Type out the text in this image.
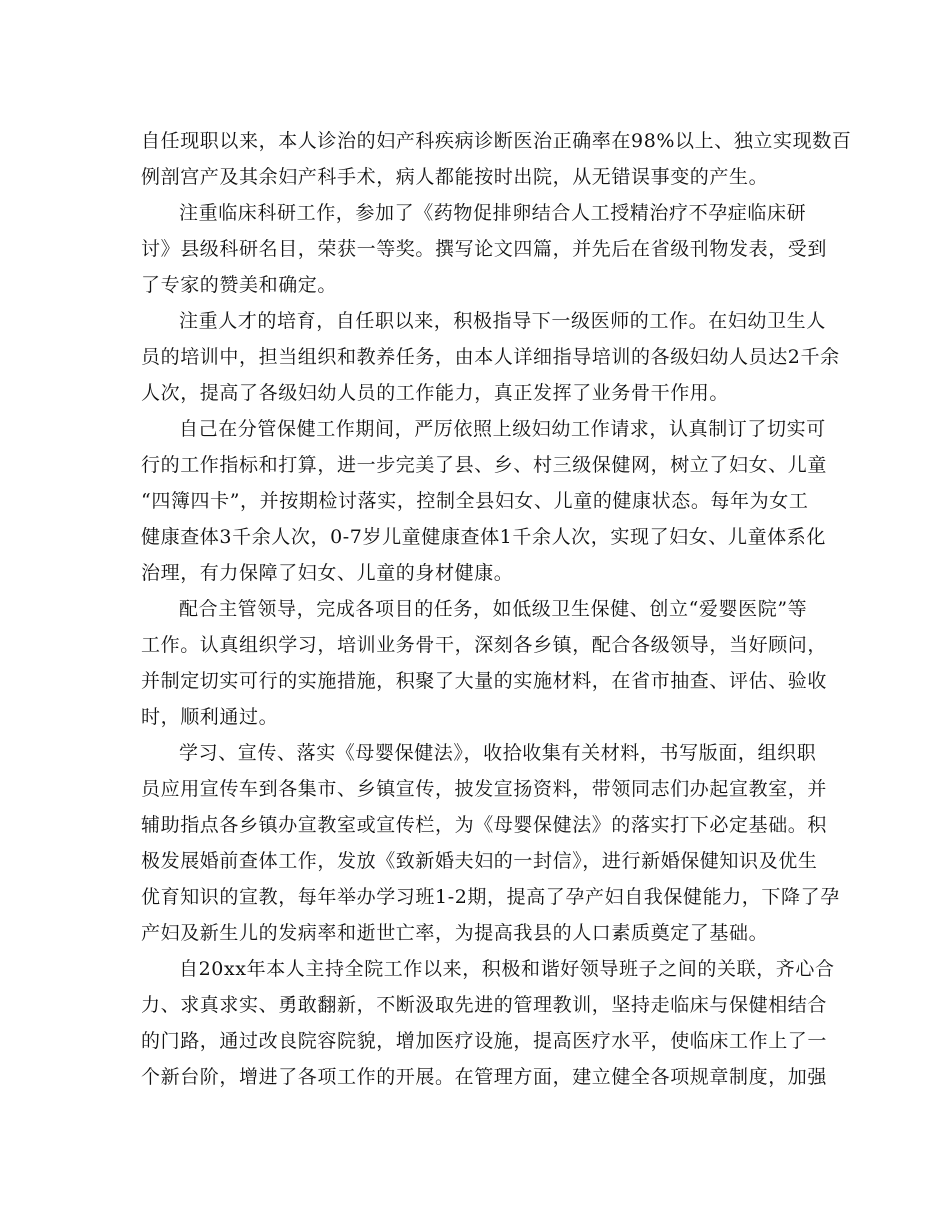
自任现职以来，本人诊治的妇产科疾病诊断医治正确率在98%以上、独立实现数百
例剖宫产及其余妇产科手术，病人都能按时出院，从无错误事变的产生。
注重临床科研工作，参加了《药物促排卵结合人工授精治疗不孕症临床研
讨》县级科研名目，荣获一等奖。撰写论文四篇，并先后在省级刊物发表，受到
了专家的赞美和确定。
注重人才的培育，自任职以来，积极指导下一级医师的工作。在妇幼卫生人
员的培训中，担当组织和教养任务，由本人详细指导培训的各级妇幼人员达2千余
人次，提高了各级妇幼人员的工作能力，真正发挥了业务骨干作用。
自己在分管保健工作期间，严厉依照上级妇幼工作请求，认真制订了切实可
行的工作指标和打算，进一步完美了县、乡、村三级保健网，树立了妇女、儿童
“四簿四卡”，并按期检讨落实，控制全县妇女、儿童的健康状态。每年为女工
健康查体3千余人次，0-7岁儿童健康查体1千余人次，实现了妇女、儿童体系化
治理，有力保障了妇女、儿童的身材健康。
配合主管领导，完成各项目的任务，如低级卫生保健、创立“爱婴医院”等
工作。认真组织学习，培训业务骨干，深刻各乡镇，配合各级领导，当好顾问，
并制定切实可行的实施措施，积聚了大量的实施材料，在省市抽查、评估、验收
时，顺利通过。
学习、宣传、落实《母婴保健法》，收拾收集有关材料，书写版面，组织职
员应用宣传车到各集市、乡镇宣传，披发宣扬资料，带领同志们办起宣教室，并
辅助指点各乡镇办宣教室或宣传栏，为《母婴保健法》的落实打下必定基础。积
极发展婚前查体工作，发放《致新婚夫妇的一封信》，进行新婚保健知识及优生
优育知识的宣教，每年举办学习班1-2期，提高了孕产妇自我保健能力，下降了孕
产妇及新生儿的发病率和逝世亡率，为提高我县的人口素质奠定了基础。
自20xx年本人主持全院工作以来，积极和谐好领导班子之间的关联，齐心合
力、求真求实、勇敢翻新，不断汲取先进的管理教训，坚持走临床与保健相结合
的门路，通过改良院容院貌，增加医疗设施，提高医疗水平，使临床工作上了一
个新台阶，增进了各项工作的开展。在管理方面，建立健全各项规章制度，加强
